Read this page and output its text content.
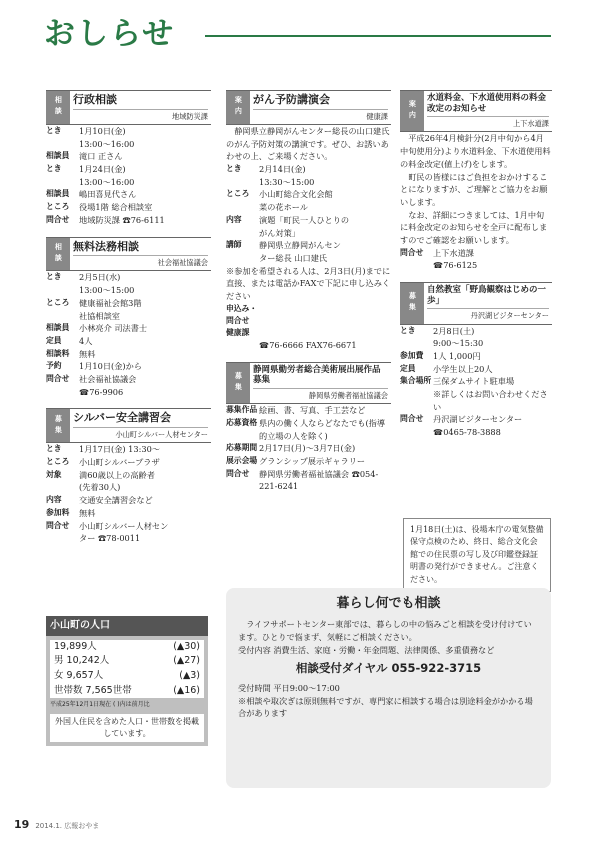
おしらせ
相談 行政相談
地域防災課
とき	1月10日(金)
13:00〜16:00
相談員	滝口 正さん
とき	1月24日(金)
13:00〜16:00
相談員	嶋田喜見代さん
ところ	役場1階 総合相談室
問合せ	地域防災課 ☎76-6111
相談 無料法務相談
社会福祉協議会
とき	2月5日(水)
13:00〜15:00
ところ	健康福祉会館3階
社協相談室
相談員	小林亮介 司法書士
定員	4人
相談料	無料
予約	1月10日(金)から
問合せ	社会福祉協議会
☎76-9906
募集 シルバー安全講習会
小山町シルバー人材センター
とき	1月17日(金) 13:30〜
ところ	小山町シルバープラザ
対象	満60歳以上の高齢者
(先着30人)
内容	交通安全講習会など
参加料	無料
問合せ	小山町シルバー人材セン
ター ☎78-0011
小山町の人口
19,899人	(▲30)
男 10,242人	(▲27)
女 9,657人	(▲3)
世帯数 7,565世帯	(▲16)
平成25年12月1日現在 ( )内は前月比
外国人住民を含めた人口・世帯数を掲載しています。
案内 がん予防講演会
健康課
静岡県立静岡がんセンター総長の山口建氏のがん予防対策の講演です。ぜひ、お誘いあわせの上、ご来場ください。
とき	2月14日(金)
13:30〜15:00
ところ	小山町総合文化会館
菜の花ホール
内容	演題「町民一人ひとりの
がん対策」
講師	静岡県立静岡がんセン
ター総長 山口建氏
※参加を希望される人は、2月3日(月)までに直接、または電話かFAXで下記に申し込みください
申込み・問合せ 健康課
☎76-6666 FAX76-6671
募集
静岡県勤労者総合美術展出展作品募集
静岡県労働者福祉協議会
募集作品 絵画、書、写真、手工芸など
応募資格 県内の働く人ならどなたでも(指導的立場の人を除く)
応募期間 2月17日(月)〜3月7日(金)
展示会場 グランシップ展示ギャラリー
問合せ	静岡県労働者福祉協議会 ☎054-221-6241
案内
水道料金、下水道使用料の料金改定のお知らせ
上下水道課
平成26年4月検針分(2月中旬から4月中旬使用分)より水道料金、下水道使用料の料金改定(値上げ)をします。
町民の皆様にはご負担をおかけすることになりますが、ご理解とご協力をお願いします。
なお、詳細につきましては、1月中旬に料金改定のお知らせを全戸に配布しますのでご確認をお願いします。
問合せ	上下水道課
☎76-6125
募集
自然教室「野鳥観察はじめの一歩」
丹沢湖ビジターセンター
とき	2月8日(土)
9:00〜15:30
参加費	1人 1,000円
定員	小学生以上20人
集合場所 三保ダムサイト駐車場
※詳しくはお問い合わせください
問合せ	丹沢湖ビジターセンター
☎0465-78-3888
1月18日(土)は、役場本庁の電気整備保守点検のため、終日、総合文化会館での住民票の写し及び印鑑登録証明書の発行ができません。ご注意ください。
暮らし何でも相談
ライフサポートセンター東部では、暮らしの中の悩みごと相談を受け付けています。ひとりで悩まず、気軽にご相談ください。
受付内容 消費生活、家庭・労働・年金問題、法律関係、多重債務など
相談受付ダイヤル 055-922-3715
受付時間 平日9:00〜17:00
※相談や取次ぎは原則無料ですが、専門家に相談する場合は別途料金がかかる場合があります
19 2014.1. 広報おやま
